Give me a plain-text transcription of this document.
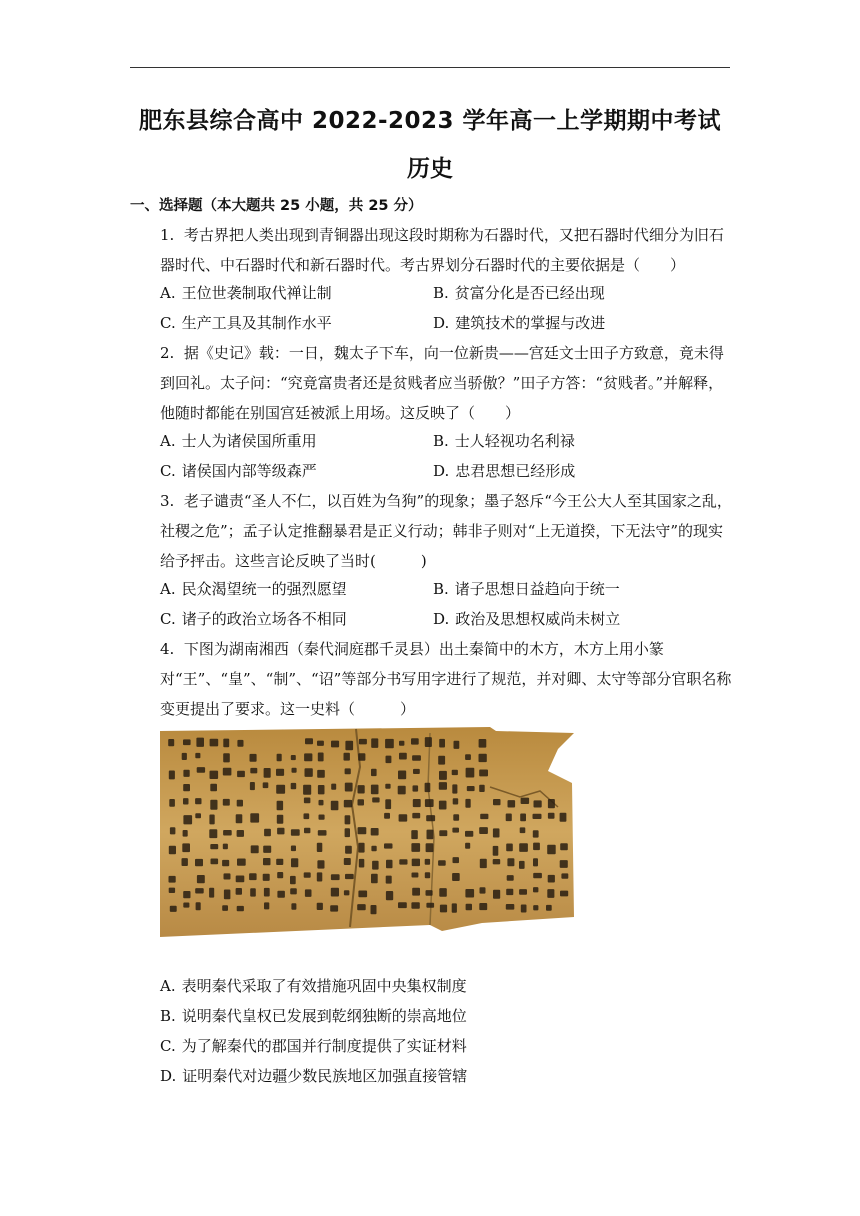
肥东县综合高中 2022-2023 学年高一上学期期中考试
历史
一、选择题（本大题共 25 小题，共 25 分）

1. 考古界把人类出现到青铜器出现这段时期称为石器时代，又把石器时代细分为旧石器时代、中石器时代和新石器时代。考古界划分石器时代的主要依据是（　　）

A. 王位世袭制取代禅让制	B. 贫富分化是否已经出现
C. 生产工具及其制作水平	D. 建筑技术的掌握与改进

2. 据《史记》载：一日，魏太子下车，向一位新贵——宫廷文士田子方致意，竟未得到回礼。太子问：“究竟富贵者还是贫贱者应当骄傲？”田子方答：“贫贱者。”并解释，他随时都能在别国宫廷被派上用场。这反映了（　　）

A. 士人为诸侯国所重用	B. 士人轻视功名利禄
C. 诸侯国内部等级森严	D. 忠君思想已经形成

3. 老子谴责“圣人不仁，以百姓为刍狗”的现象；墨子怒斥“今王公大人至其国家之乱，社稷之危”；孟子认定推翻暴君是正义行动；韩非子则对“上无道揆，下无法守”的现实给予抨击。这些言论反映了当时(　　　)

A. 民众渴望统一的强烈愿望	B. 诸子思想日益趋向于统一
C. 诸子的政治立场各不相同	D. 政治及思想权威尚未树立

4. 下图为湖南湘西（秦代洞庭郡千灵县）出土秦简中的木方，木方上用小篆对“王”、“皇”、“制”、“诏”等部分书写用字进行了规范，并对卿、太守等部分官职名称变更提出了要求。这一史料（　　　）

A. 表明秦代采取了有效措施巩固中央集权制度
B. 说明秦代皇权已发展到乾纲独断的崇高地位
C. 为了解秦代的郡国并行制度提供了实证材料
D. 证明秦代对边疆少数民族地区加强直接管辖
